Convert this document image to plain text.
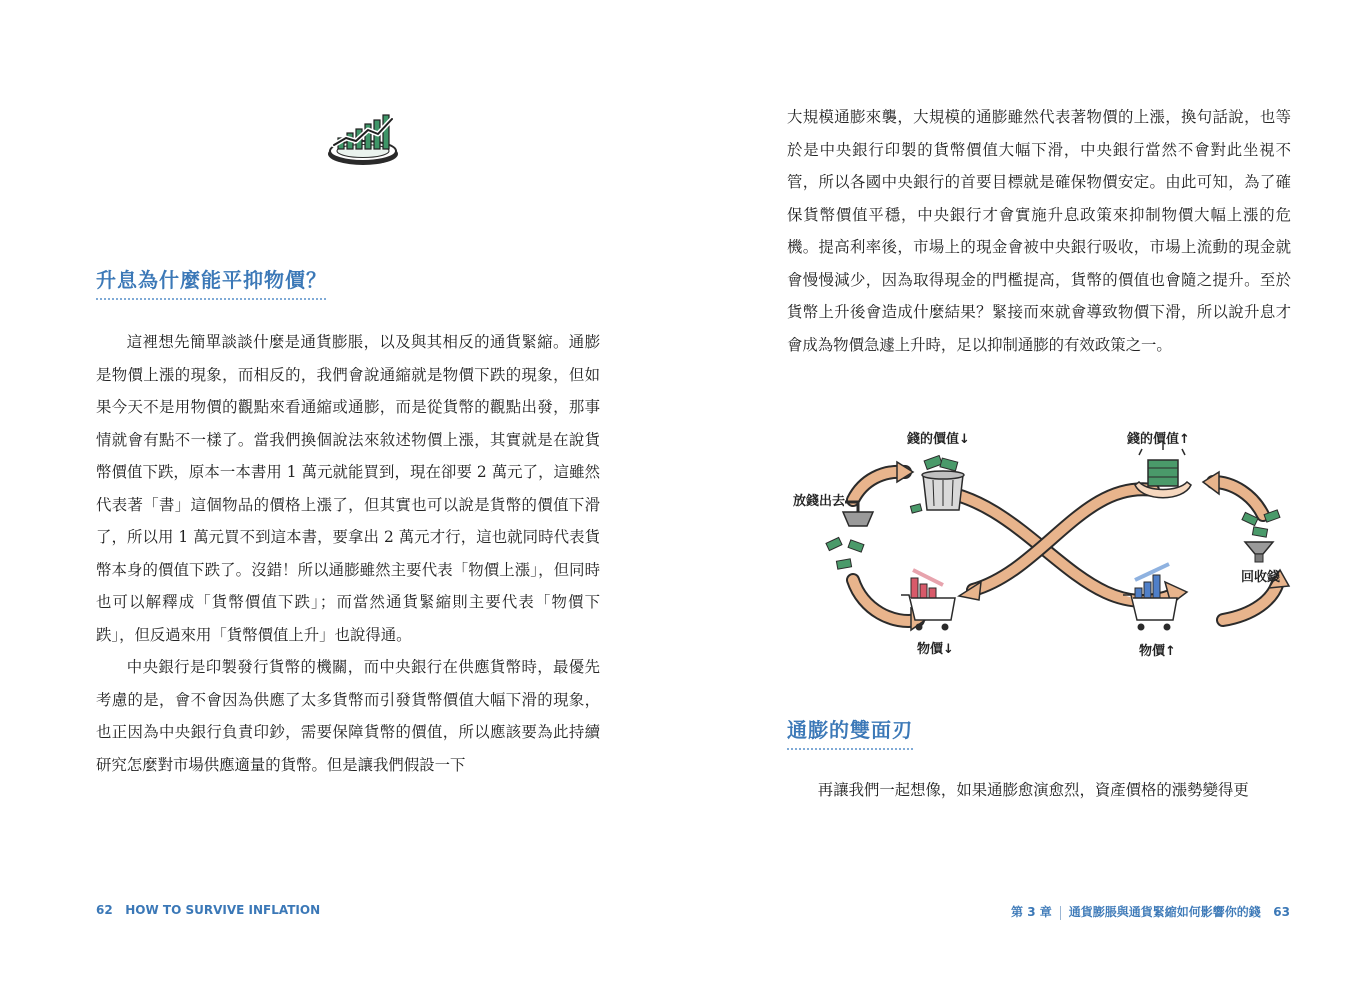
升息為什麼能平抑物價？

這裡想先簡單談談什麼是通貨膨脹，以及與其相反的通貨緊縮。通膨是物價上漲的現象，而相反的，我們會說通縮就是物價下跌的現象，但如果今天不是用物價的觀點來看通縮或通膨，而是從貨幣的觀點出發，那事情就會有點不一樣了。當我們換個說法來敘述物價上漲，其實就是在說貨幣價值下跌，原本一本書用 1 萬元就能買到，現在卻要 2 萬元了，這雖然代表著「書」這個物品的價格上漲了，但其實也可以說是貨幣的價值下滑了，所以用 1 萬元買不到這本書，要拿出 2 萬元才行，這也就同時代表貨幣本身的價值下跌了。沒錯！所以通膨雖然主要代表「物價上漲」，但同時也可以解釋成「貨幣價值下跌」；而當然通貨緊縮則主要代表「物價下跌」，但反過來用「貨幣價值上升」也說得通。

中央銀行是印製發行貨幣的機關，而中央銀行在供應貨幣時，最優先考慮的是，會不會因為供應了太多貨幣而引發貨幣價值大幅下滑的現象，也正因為中央銀行負責印鈔，需要保障貨幣的價值，所以應該要為此持續研究怎麼對市場供應適量的貨幣。但是讓我們假設一下

62 HOW TO SURVIVE INFLATION

大規模通膨來襲，大規模的通膨雖然代表著物價的上漲，換句話說，也等於是中央銀行印製的貨幣價值大幅下滑，中央銀行當然不會對此坐視不管，所以各國中央銀行的首要目標就是確保物價安定。由此可知，為了確保貨幣價值平穩，中央銀行才會實施升息政策來抑制物價大幅上漲的危機。提高利率後，市場上的現金會被中央銀行吸收，市場上流動的現金就會慢慢減少，因為取得現金的門檻提高，貨幣的價值也會隨之提升。至於貨幣上升後會造成什麼結果？緊接而來就會導致物價下滑，所以說升息才會成為物價急遽上升時，足以抑制通膨的有效政策之一。

錢的價值↓	錢的價值↑
放錢出去
回收錢
物價↓	物價↑
通膨的雙面刃

再讓我們一起想像，如果通膨愈演愈烈，資產價格的漲勢變得更

第 3 章 通貨膨脹與通貨緊縮如何影響你的錢 63
